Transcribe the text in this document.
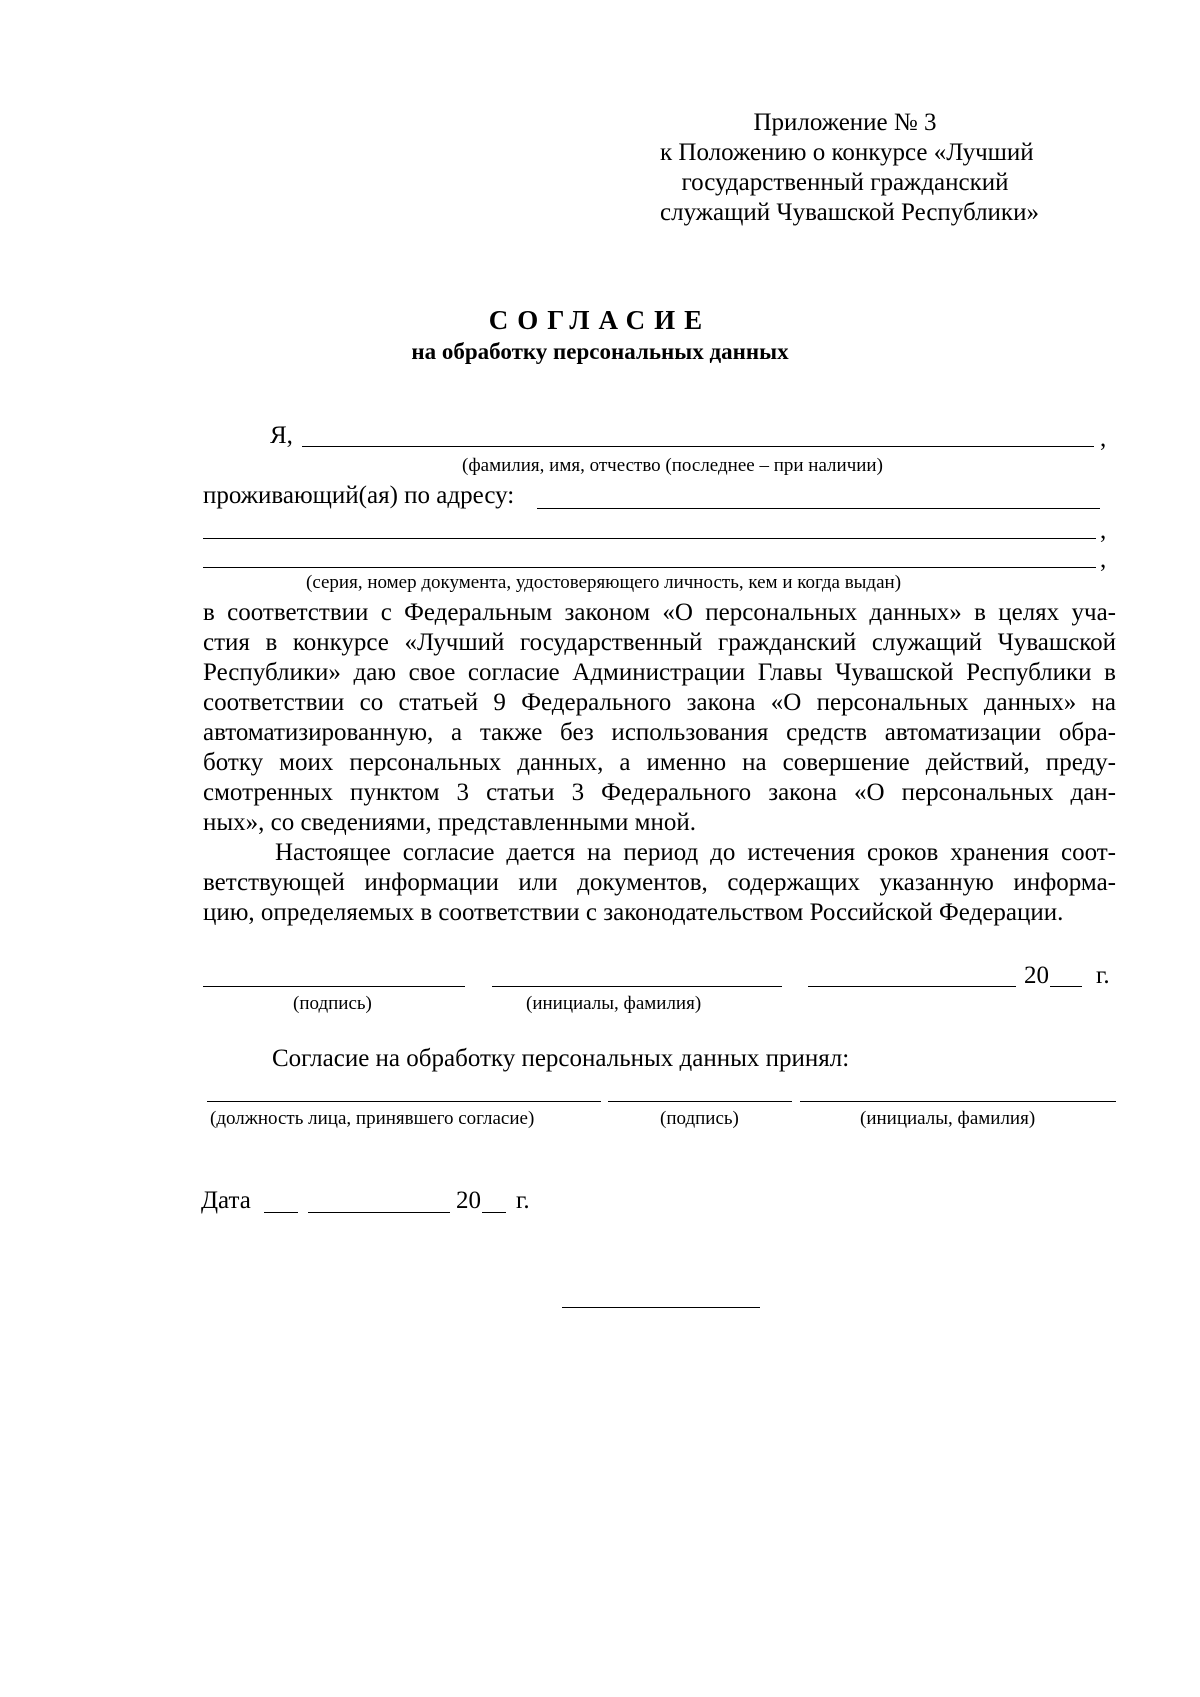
Приложение № 3
к Положению о конкурсе «Лучший
государственный гражданский
служащий Чувашской Республики»
СОГЛАСИЕ
на обработку персональных данных
Я,	,
(фамилия, имя, отчество (последнее – при наличии)
проживающий(ая) по адресу:
,
,
(серия, номер документа, удостоверяющего личность, кем и когда выдан)
в соответствии с Федеральным законом «О персональных данных» в целях уча-
стия в конкурсе «Лучший государственный гражданский служащий Чувашской
Республики» даю свое согласие Администрации Главы Чувашской Республики в
соответствии со статьей 9 Федерального закона «О персональных данных» на
автоматизированную, а также без использования средств автоматизации обра-
ботку моих персональных данных, а именно на совершение действий, преду-
смотренных пунктом 3 статьи 3 Федерального закона «О персональных дан-
ных», со сведениями, представленными мной.
Настоящее согласие дается на период до истечения сроков хранения соот-
ветствующей информации или документов, содержащих указанную информа-
цию, определяемых в соответствии с законодательством Российской Федерации.
20 г.
(подпись)	(инициалы, фамилия)
Согласие на обработку персональных данных принял:
(должность лица, принявшего согласие)	(подпись)	(инициалы, фамилия)
Дата	20 г.
